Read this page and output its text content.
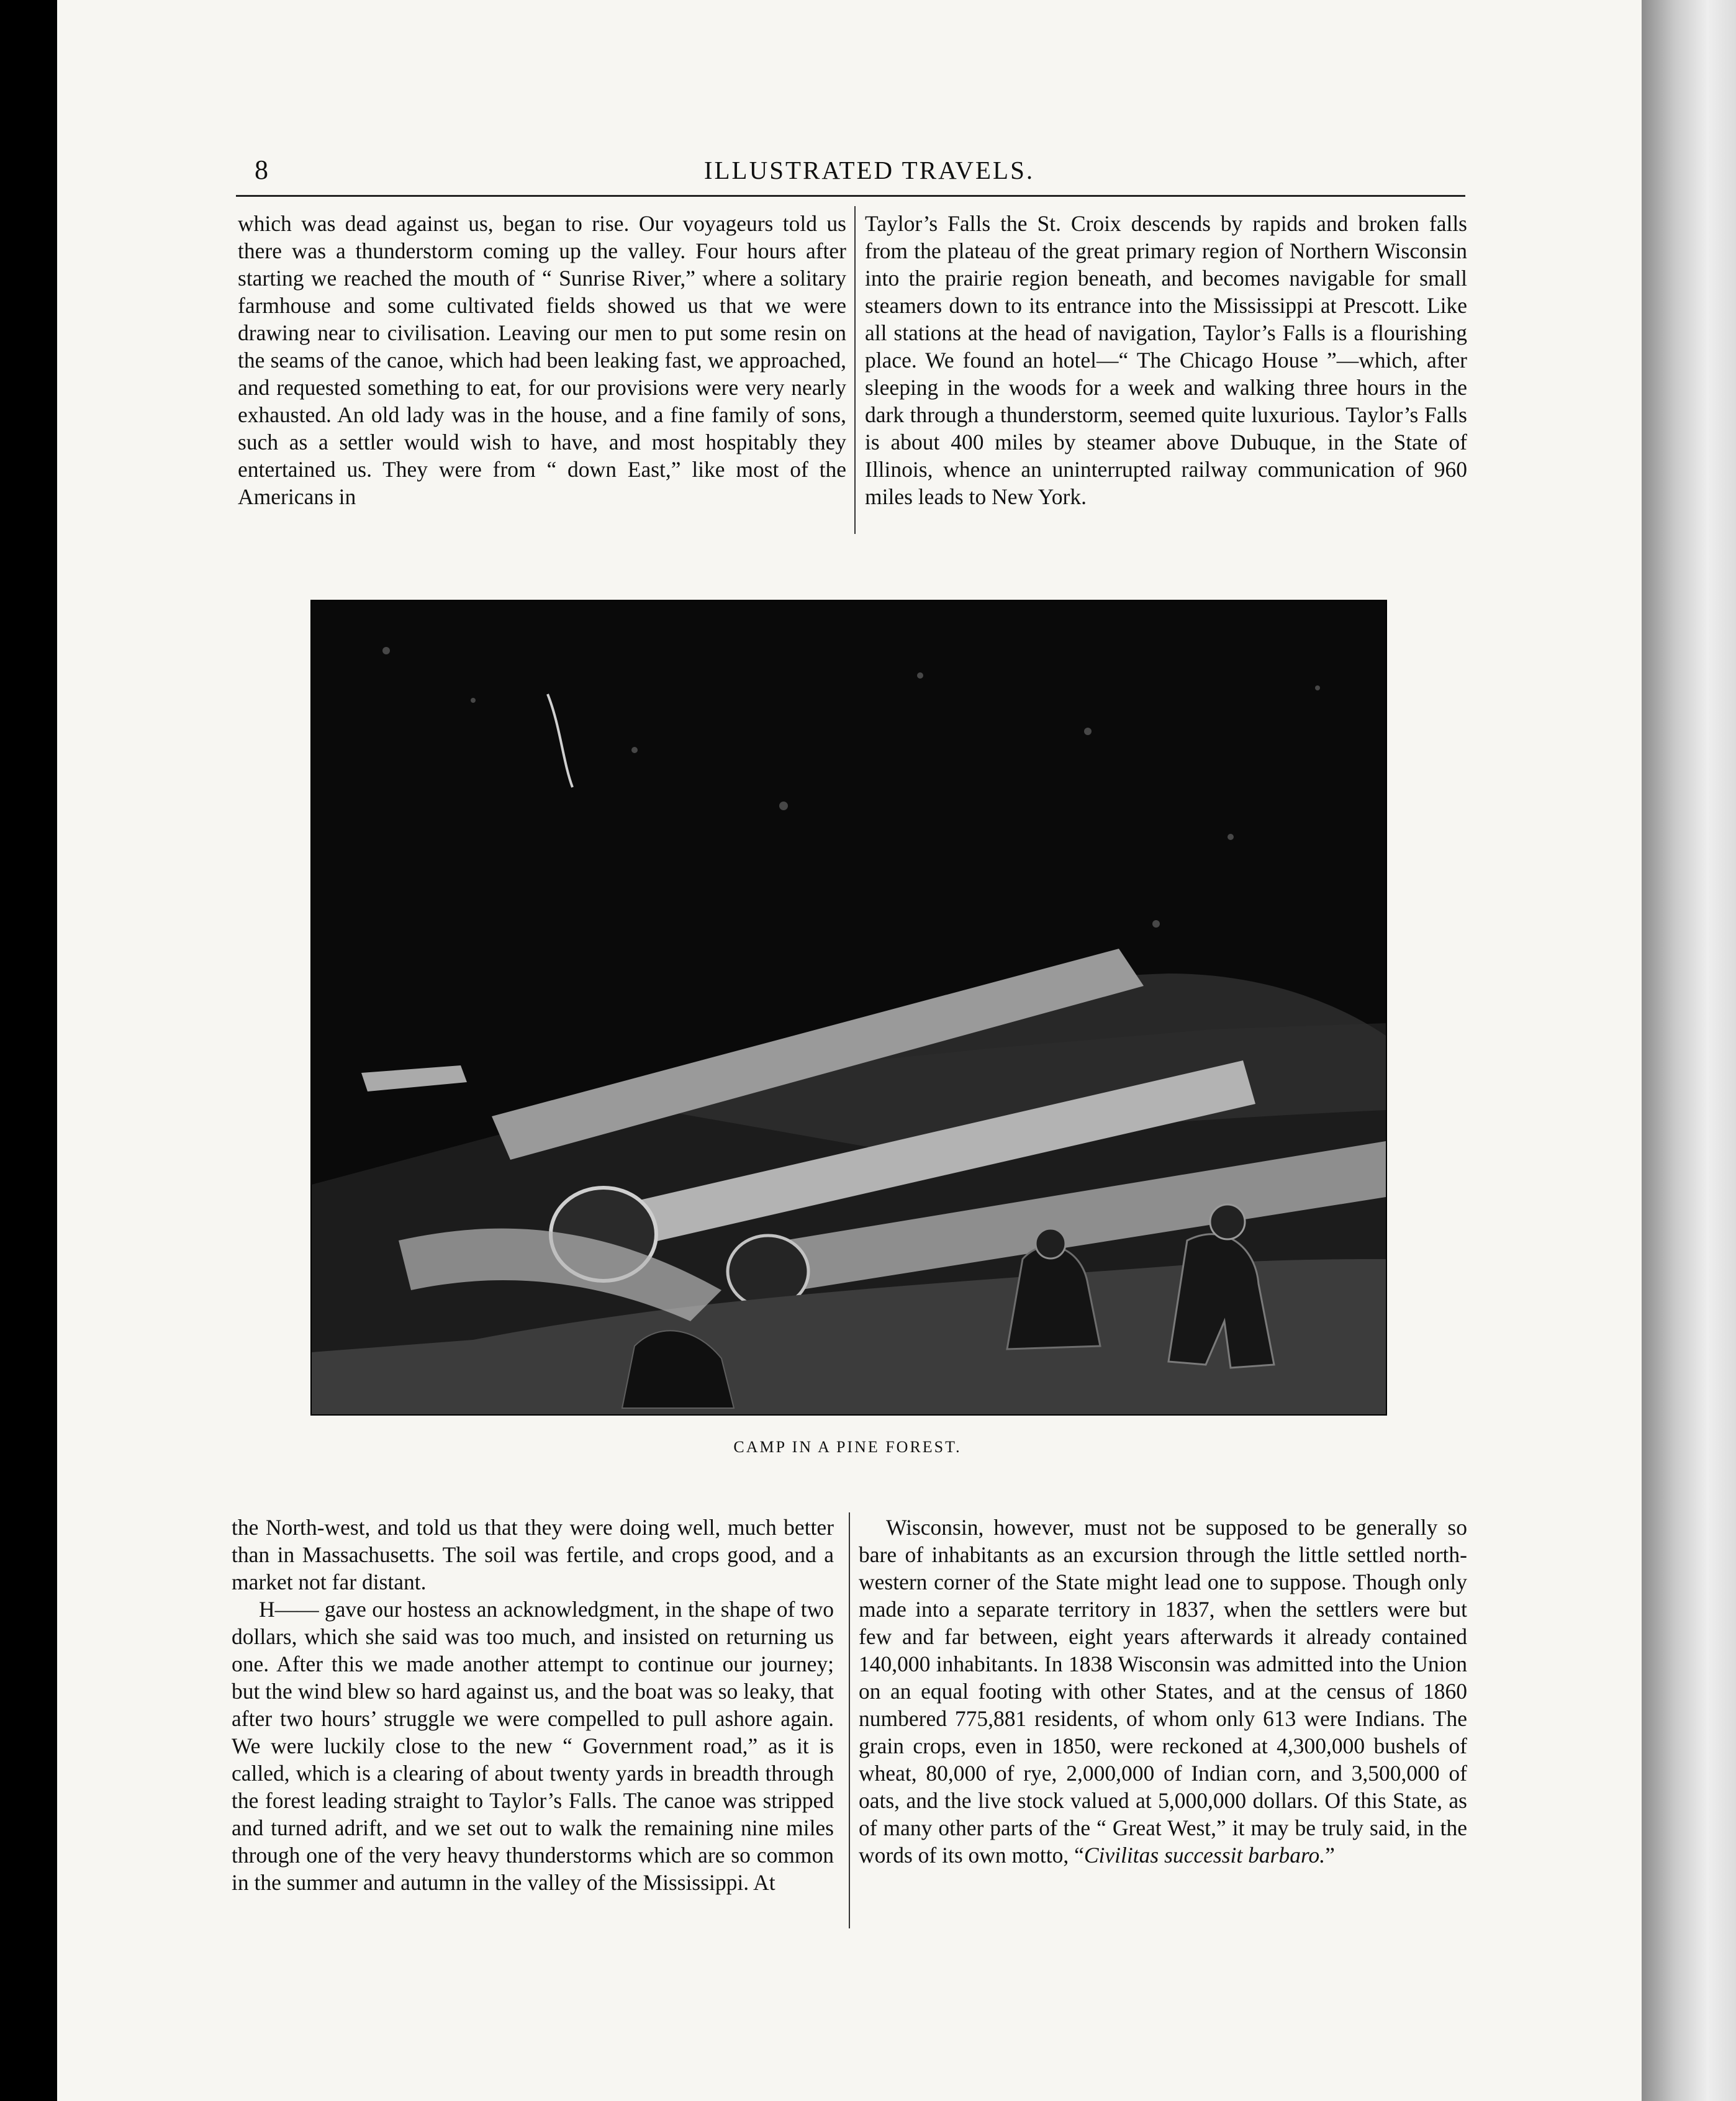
8	ILLUSTRATED TRAVELS.

which was dead against us, began to rise. Our voyageurs told us there was a thunderstorm coming up the valley. Four hours after starting we reached the mouth of “ Sunrise River,” where a solitary farmhouse and some cultivated fields showed us that we were drawing near to civilisation. Leaving our men to put some resin on the seams of the canoe, which had been leaking fast, we approached, and requested something to eat, for our provisions were very nearly exhausted. An old lady was in the house, and a fine family of sons, such as a settler would wish to have, and most hospitably they entertained us. They were from “ down East,” like most of the Americans in

Taylor’s Falls the St. Croix descends by rapids and broken falls from the plateau of the great primary region of Northern Wisconsin into the prairie region beneath, and becomes navigable for small steamers down to its entrance into the Mississippi at Prescott. Like all stations at the head of navigation, Taylor’s Falls is a flourishing place. We found an hotel—“ The Chicago House ”—which, after sleeping in the woods for a week and walking three hours in the dark through a thunderstorm, seemed quite luxurious. Taylor’s Falls is about 400 miles by steamer above Dubuque, in the State of Illinois, whence an uninterrupted railway communication of 960 miles leads to New York.

CAMP IN A PINE FOREST.

the North-west, and told us that they were doing well, much better than in Massachusetts. The soil was fertile, and crops good, and a market not far distant.

H—— gave our hostess an acknowledgment, in the shape of two dollars, which she said was too much, and insisted on returning us one. After this we made another attempt to continue our journey; but the wind blew so hard against us, and the boat was so leaky, that after two hours’ struggle we were compelled to pull ashore again. We were luckily close to the new “ Government road,” as it is called, which is a clearing of about twenty yards in breadth through the forest leading straight to Taylor’s Falls. The canoe was stripped and turned adrift, and we set out to walk the remaining nine miles through one of the very heavy thunderstorms which are so common in the summer and autumn in the valley of the Mississippi. At

Wisconsin, however, must not be supposed to be generally so bare of inhabitants as an excursion through the little settled north-western corner of the State might lead one to suppose. Though only made into a separate territory in 1837, when the settlers were but few and far between, eight years afterwards it already contained 140,000 inhabitants. In 1838 Wisconsin was admitted into the Union on an equal footing with other States, and at the census of 1860 numbered 775,881 residents, of whom only 613 were Indians. The grain crops, even in 1850, were reckoned at 4,300,000 bushels of wheat, 80,000 of rye, 2,000,000 of Indian corn, and 3,500,000 of oats, and the live stock valued at 5,000,000 dollars. Of this State, as of many other parts of the “ Great West,” it may be truly said, in the words of its own motto, “Civilitas successit barbaro.”
